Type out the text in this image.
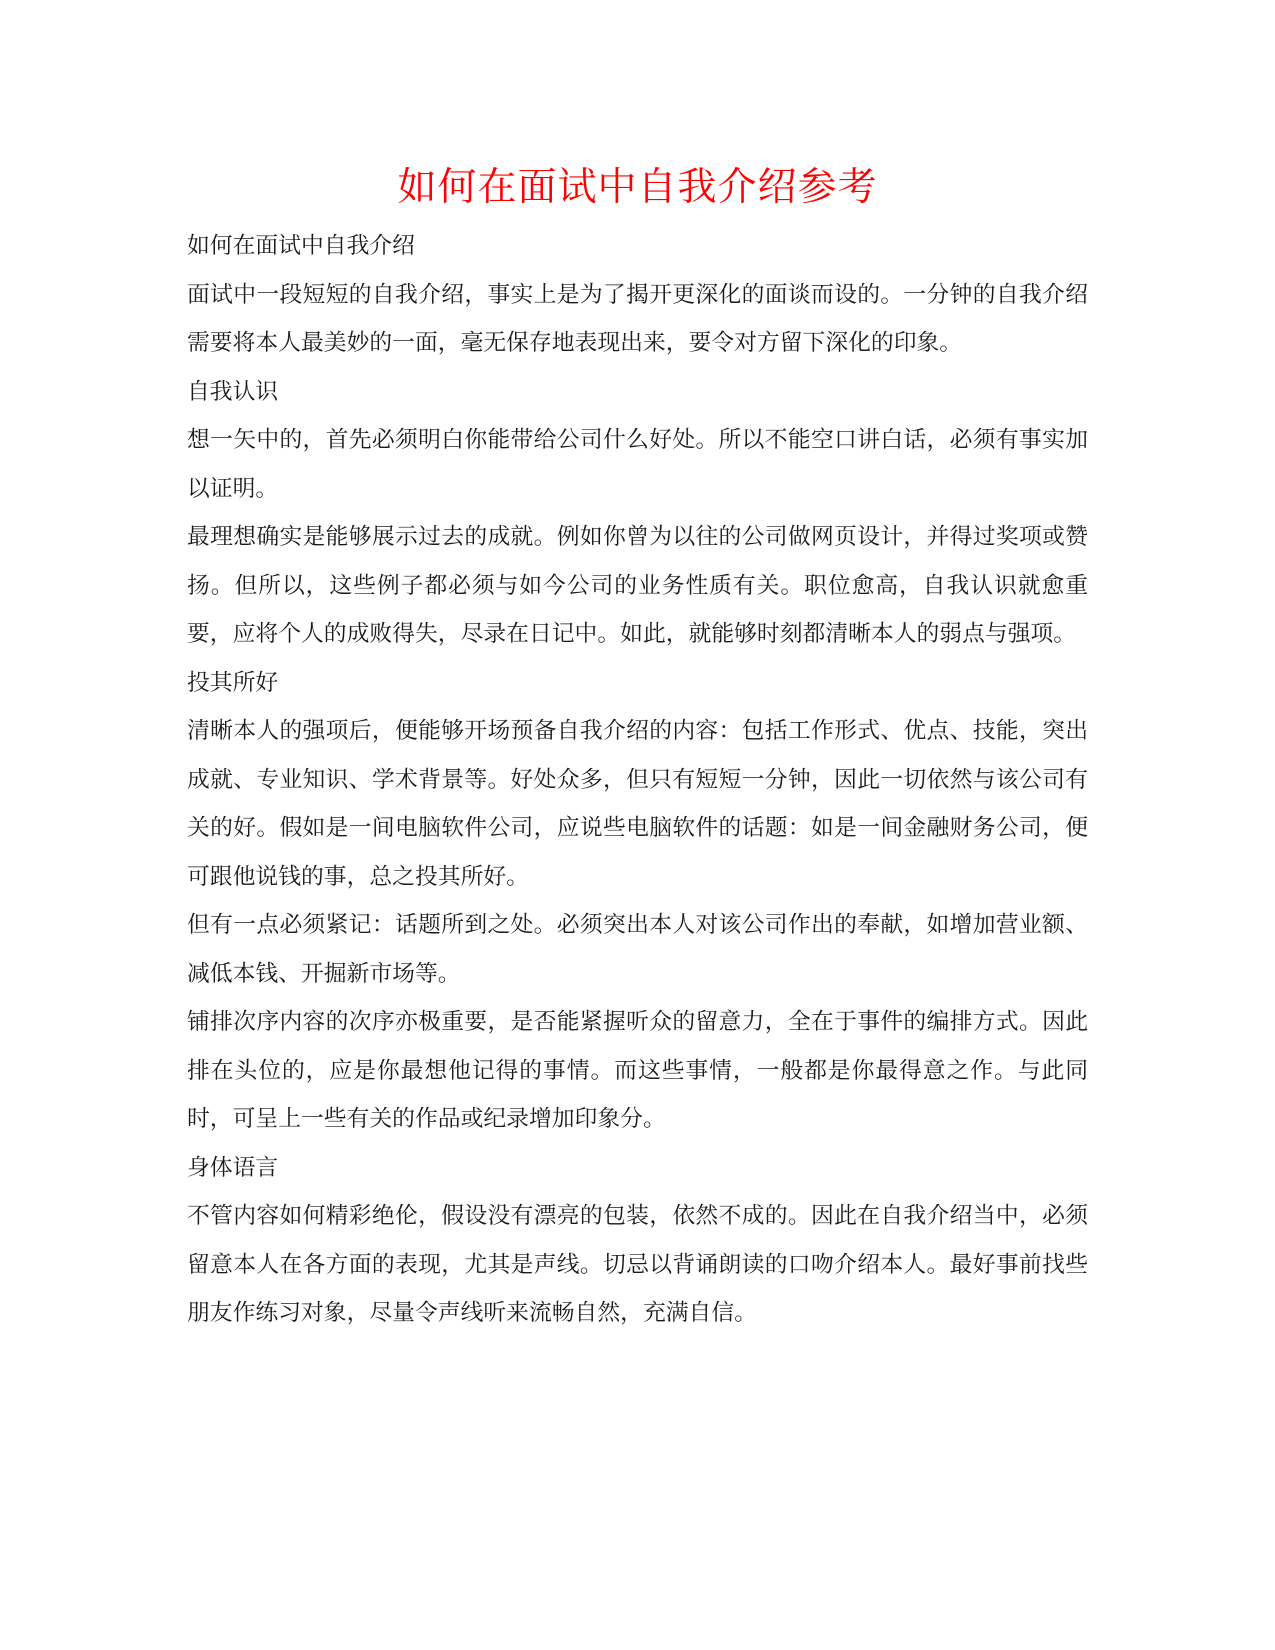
如何在面试中自我介绍参考

如何在面试中自我介绍

面试中一段短短的自我介绍，事实上是为了揭开更深化的面谈而设的。一分钟的自我介绍需要将本人最美妙的一面，毫无保存地表现出来，要令对方留下深化的印象。

自我认识

想一矢中的，首先必须明白你能带给公司什么好处。所以不能空口讲白话，必须有事实加以证明。

最理想确实是能够展示过去的成就。例如你曾为以往的公司做网页设计，并得过奖项或赞扬。但所以，这些例子都必须与如今公司的业务性质有关。职位愈高，自我认识就愈重要，应将个人的成败得失，尽录在日记中。如此，就能够时刻都清晰本人的弱点与强项。

投其所好

清晰本人的强项后，便能够开场预备自我介绍的内容：包括工作形式、优点、技能，突出成就、专业知识、学术背景等。好处众多，但只有短短一分钟，因此一切依然与该公司有关的好。假如是一间电脑软件公司，应说些电脑软件的话题：如是一间金融财务公司，便可跟他说钱的事，总之投其所好。

但有一点必须紧记：话题所到之处。必须突出本人对该公司作出的奉献，如增加营业额、减低本钱、开掘新市场等。

铺排次序内容的次序亦极重要，是否能紧握听众的留意力，全在于事件的编排方式。因此排在头位的，应是你最想他记得的事情。而这些事情，一般都是你最得意之作。与此同时，可呈上一些有关的作品或纪录增加印象分。

身体语言

不管内容如何精彩绝伦，假设没有漂亮的包装，依然不成的。因此在自我介绍当中，必须留意本人在各方面的表现，尤其是声线。切忌以背诵朗读的口吻介绍本人。最好事前找些朋友作练习对象，尽量令声线听来流畅自然，充满自信。
